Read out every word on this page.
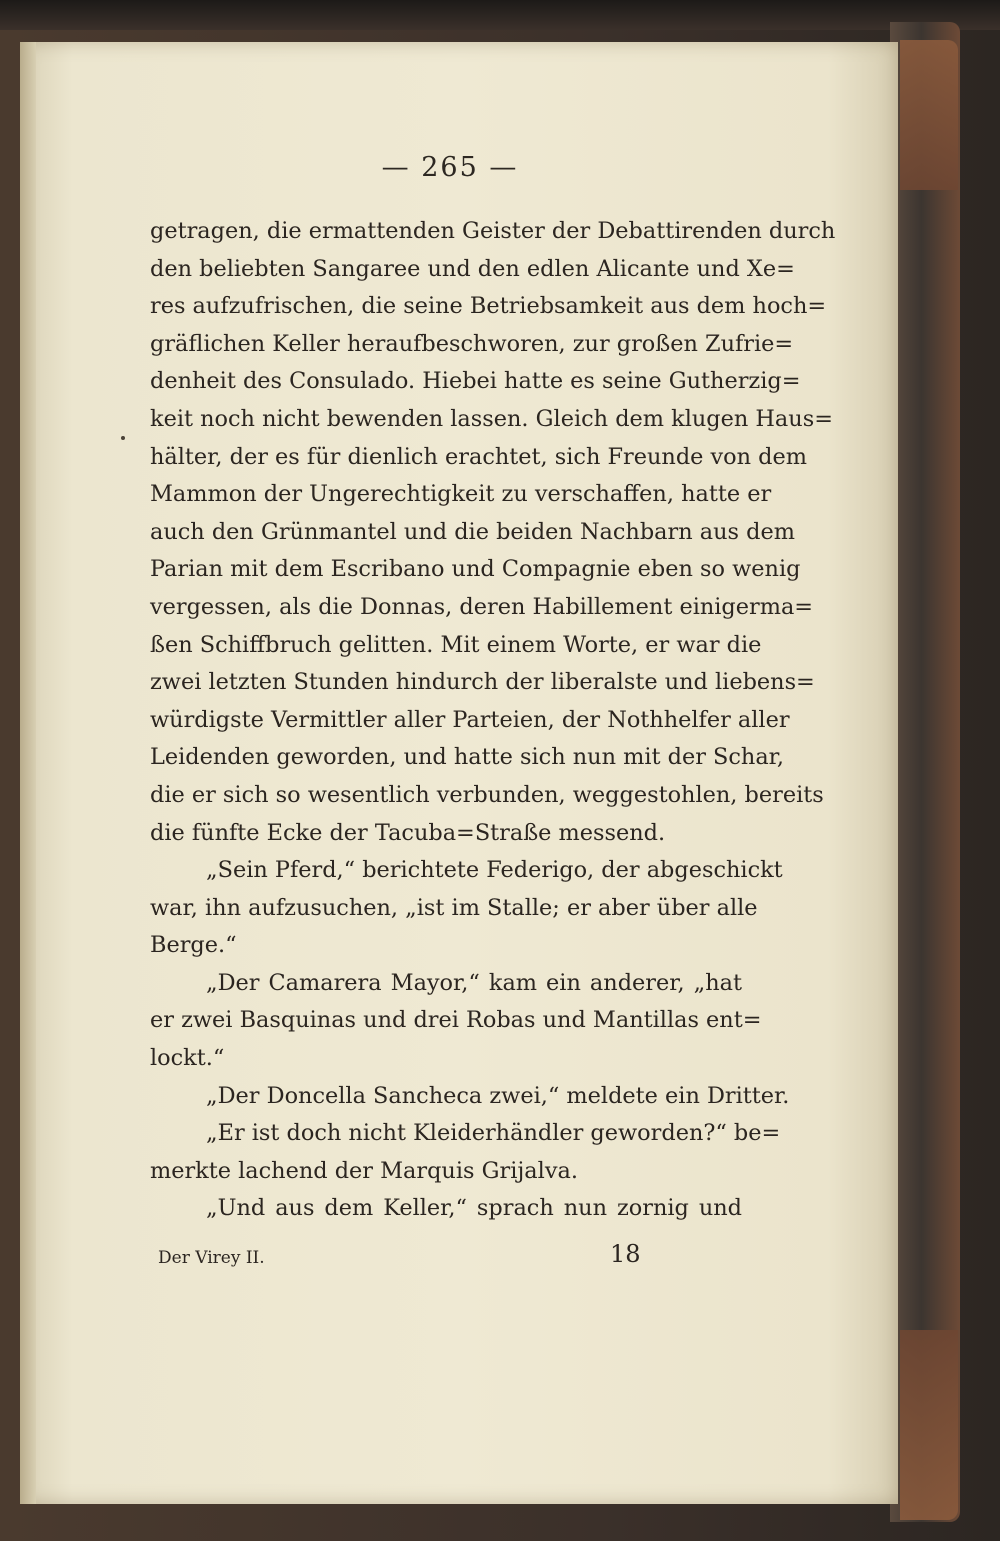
— 265 —
getragen, die ermattenden Geister der Debattirenden durch
den beliebten Sangaree und den edlen Alicante und Xe=
res aufzufrischen, die seine Betriebsamkeit aus dem hoch=
gräflichen Keller heraufbeschworen, zur großen Zufrie=
denheit des Consulado. Hiebei hatte es seine Gutherzig=
keit noch nicht bewenden lassen. Gleich dem klugen Haus=
hälter, der es für dienlich erachtet, sich Freunde von dem
Mammon der Ungerechtigkeit zu verschaffen, hatte er
auch den Grünmantel und die beiden Nachbarn aus dem
Parian mit dem Escribano und Compagnie eben so wenig
vergessen, als die Donnas, deren Habillement einigerma=
ßen Schiffbruch gelitten. Mit einem Worte, er war die
zwei letzten Stunden hindurch der liberalste und liebens=
würdigste Vermittler aller Parteien, der Nothhelfer aller
Leidenden geworden, und hatte sich nun mit der Schar,
die er sich so wesentlich verbunden, weggestohlen, bereits
die fünfte Ecke der Tacuba=Straße messend.
„Sein Pferd,“ berichtete Federigo, der abgeschickt
war, ihn aufzusuchen, „ist im Stalle; er aber über alle
Berge.“
„Der Camarera Mayor,“ kam ein anderer, „hat
er zwei Basquinas und drei Robas und Mantillas ent=
lockt.“
„Der Doncella Sancheca zwei,“ meldete ein Dritter.
„Er ist doch nicht Kleiderhändler geworden?“ be=
merkte lachend der Marquis Grijalva.
„Und aus dem Keller,“ sprach nun zornig und
Der Virey II.	18
